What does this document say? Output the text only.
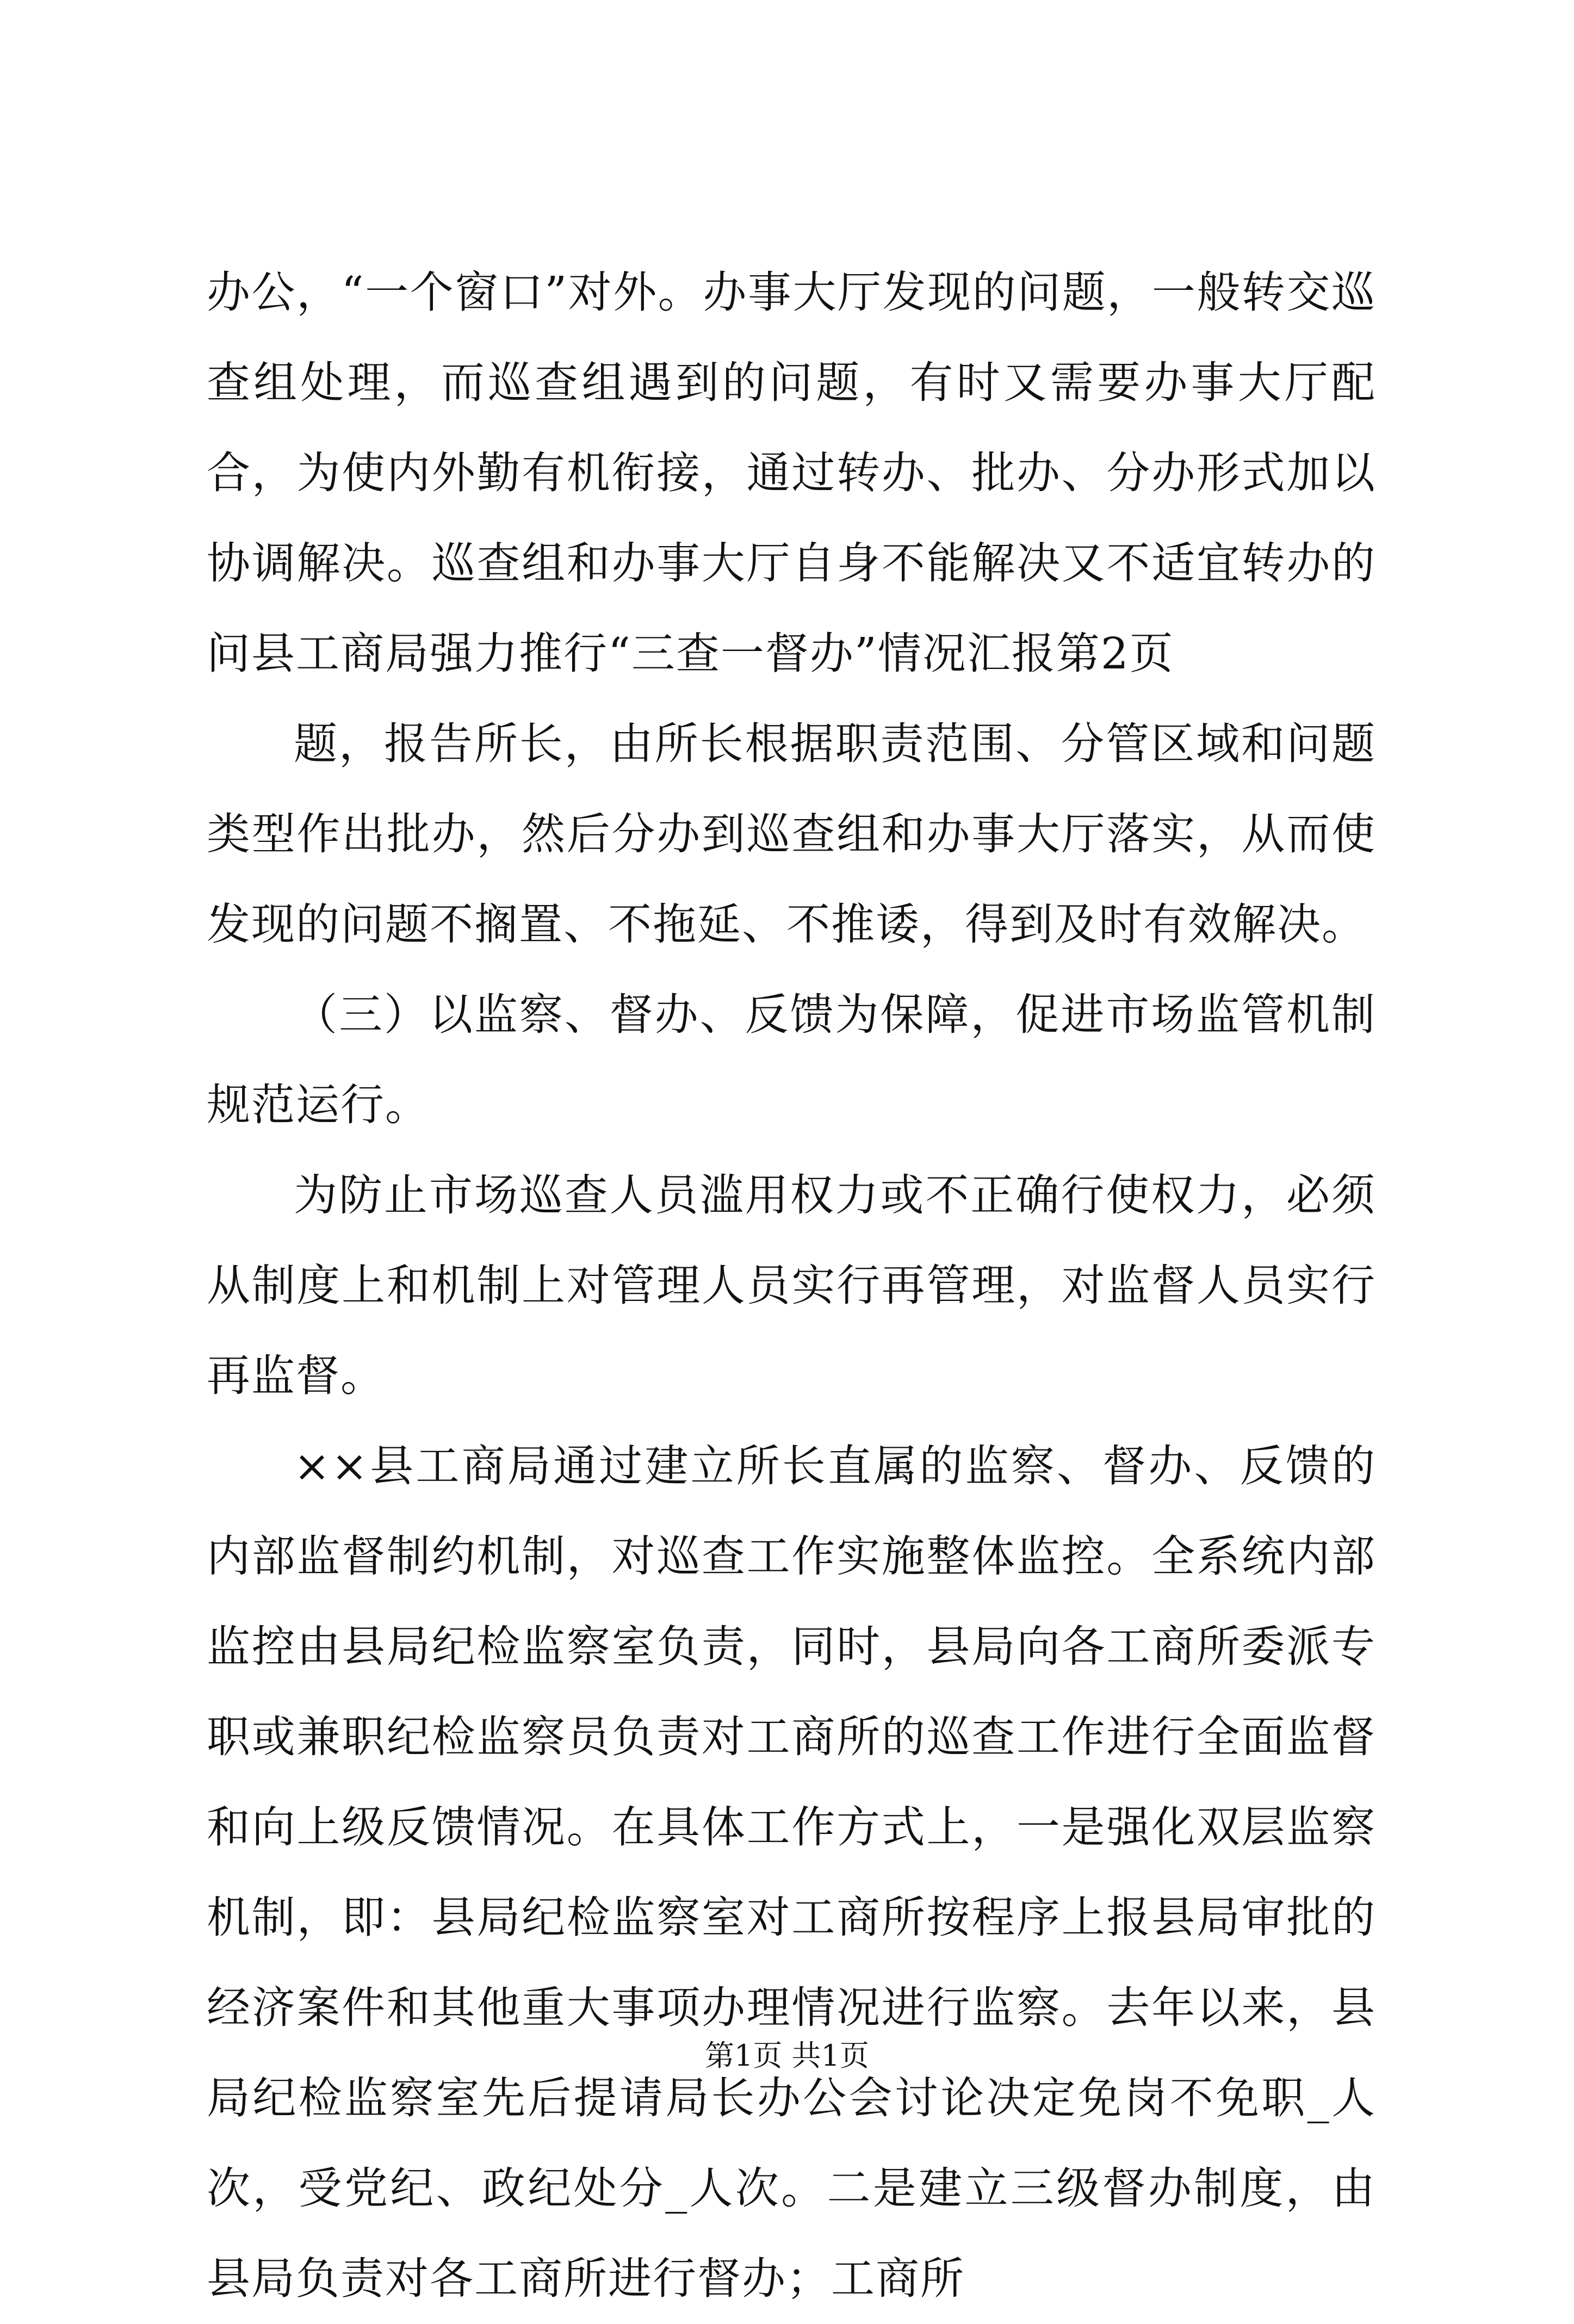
办公，“一个窗口”对外。办事大厅发现的问题，一般转交巡查组处理，而巡查组遇到的问题，有时又需要办事大厅配合，为使内外勤有机衔接，通过转办、批办、分办形式加以协调解决。巡查组和办事大厅自身不能解决又不适宜转办的问县工商局强力推行“三查一督办”情况汇报第2页

题，报告所长，由所长根据职责范围、分管区域和问题类型作出批办，然后分办到巡查组和办事大厅落实，从而使发现的问题不搁置、不拖延、不推诿，得到及时有效解决。

（三）以监察、督办、反馈为保障，促进市场监管机制规范运行。

为防止市场巡查人员滥用权力或不正确行使权力，必须从制度上和机制上对管理人员实行再管理，对监督人员实行再监督。

××县工商局通过建立所长直属的监察、督办、反馈的内部监督制约机制，对巡查工作实施整体监控。全系统内部监控由县局纪检监察室负责，同时，县局向各工商所委派专职或兼职纪检监察员负责对工商所的巡查工作进行全面监督和向上级反馈情况。在具体工作方式上，一是强化双层监察机制，即：县局纪检监察室对工商所按程序上报县局审批的经济案件和其他重大事项办理情况进行监察。去年以来，县局纪检监察室先后提请局长办公会讨论决定免岗不免职_人次，受党纪、政纪处分_人次。二是建立三级督办制度，由县局负责对各工商所进行督办；工商所

第1页 共1页
